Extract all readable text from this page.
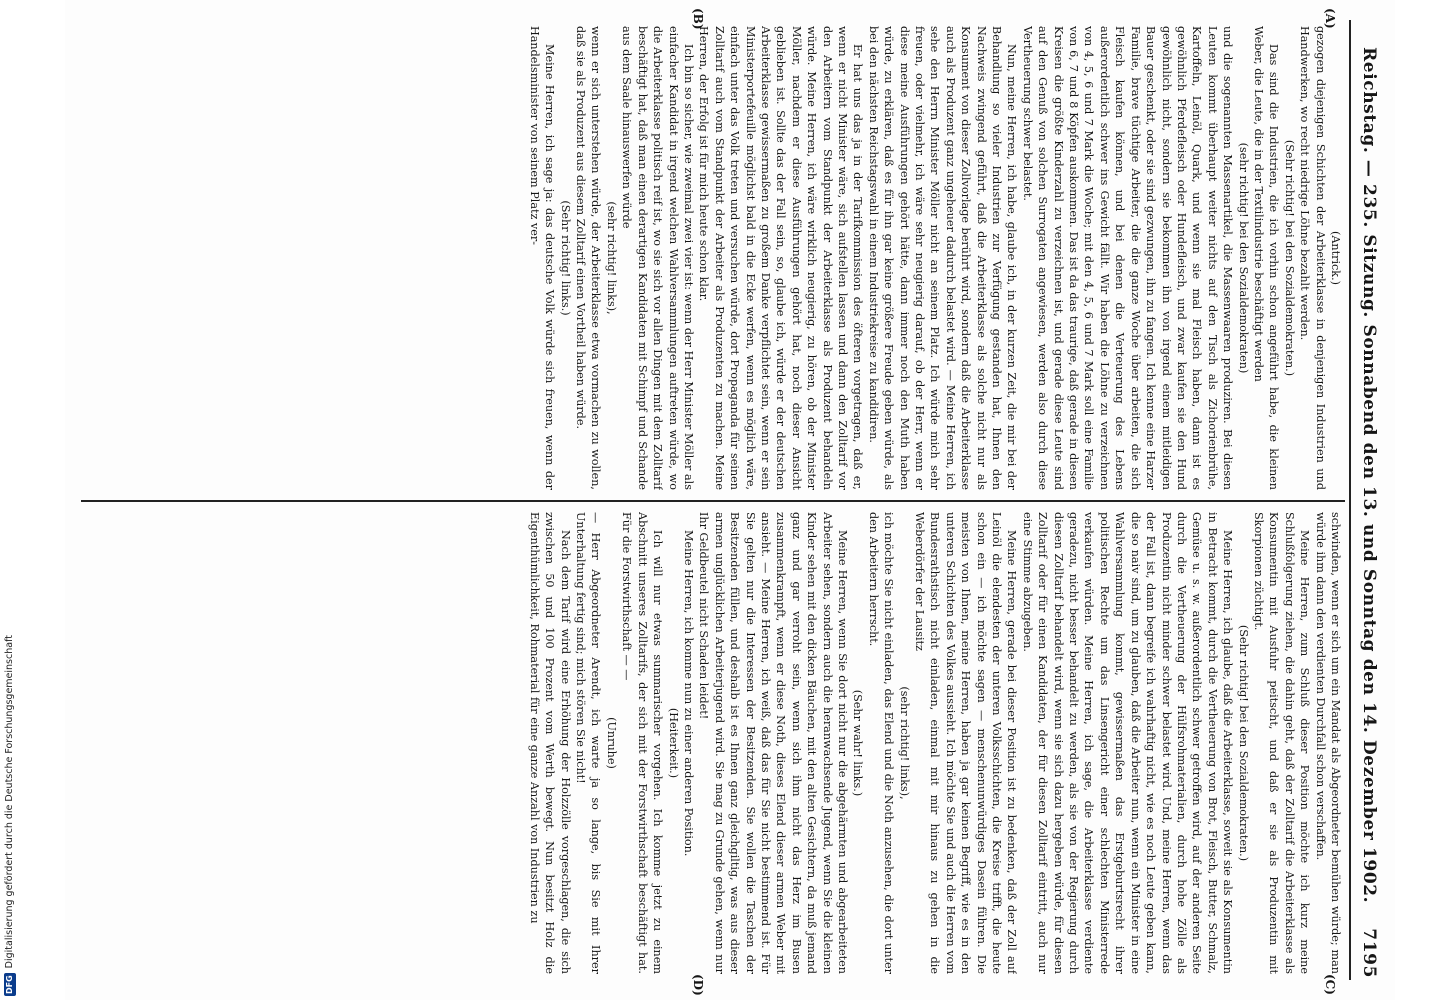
Reichstag. — 235. Sitzung. Sonnabend den 13. und Sonntag den 14. Dezember 1902.
7195
(A)
(B)
(C)
(D)

(Antrick.)

gezogen diejenigen Schichten der Arbeiterklasse in denjenigen Industrien und Handwerken, wo recht niedrige Löhne bezahlt werden.

(Sehr richtig! bei den Sozialdemokraten.)

Das sind die Industrien, die ich vorhin schon angeführt habe, die kleinen Weber, die Leute, die in der Textilindustrie beschäftigt werden

(sehr richtig! bei den Sozialdemokraten)

und die sogenannten Massenartikel, die Massenwaaren produziren. Bei diesen Leuten kommt überhaupt weiter nichts auf den Tisch als Zichorienbrühe, Kartoffeln, Leinöl, Quark, und wenn sie mal Fleisch haben, dann ist es gewöhnlich Pferdefleisch oder Hundefleisch, und zwar kaufen sie den Hund gewöhnlich nicht, sondern sie bekommen ihn von irgend einem mitleidigen Bauer geschenkt, oder sie sind gezwungen, ihn zu fangen. Ich kenne eine Harzer Familie, brave tüchtige Arbeiter, die die ganze Woche über arbeiten, die sich Fleisch kaufen können, und bei denen die Verteuerung des Lebens außerordentlich schwer ins Gewicht fällt. Wir haben die Löhne zu verzeichnen von 4, 5, 6 und 7 Mark die Woche; mit den 4, 5, 6 und 7 Mark soll eine Familie von 6, 7 und 8 Köpfen auskommen. Das ist da das traurige, daß gerade in diesen Kreisen die größte Kinderzahl zu verzeichnen ist, und gerade diese Leute sind auf den Genuß von solchen Surrogaten angewiesen, werden also durch diese Vertheuerung schwer belastet.

Nun, meine Herren, ich habe, glaube ich, in der kurzen Zeit, die mir bei der Behandlung so vieler Industrien zur Verfügung gestanden hat, Ihnen den Nachweis zwingend geführt, daß die Arbeiterklasse als solche nicht nur als Konsument von dieser Zollvorlage berührt wird, sondern daß die Arbeiterklasse auch als Produzent ganz ungeheuer dadurch belastet wird. — Meine Herren, ich sehe den Herrn Minister Möller nicht an seinem Platz. Ich würde mich sehr freuen, oder vielmehr, ich wäre sehr neugierig darauf, ob der Herr, wenn er diese meine Ausführungen gehört hätte, dann immer noch den Muth haben würde, zu erklären, daß es für ihn gar keine größere Freude geben würde, als bei den nächsten Reichstagswahl in einem Industriekreise zu kandidiren.

Er hat uns das ja in der Tarifkommission des öfteren vorgetragen, daß er, wenn er nicht Minister wäre, sich aufstellen lassen und dann den Zolltarif vor den Arbeitern vom Standpunkt der Arbeiterklasse als Produzent behandeln würde. Meine Herren, ich wäre wirklich neugierig, zu hören, ob der Minister Möller, nachdem er diese Ausführungen gehört hat, noch dieser Ansicht geblieben ist. Sollte das der Fall sein, so, glaube ich, würde er der deutschen Arbeiterklasse gewissermaßen zu großem Danke verpflichtet sein, wenn er sein Ministerportefeuille möglichst bald in die Ecke werfen, wenn es möglich wäre, einfach unter das Volk treten und versuchen würde, dort Propaganda für seinen Zolltarif auch vom Standpunkt der Arbeiter als Produzenten zu machen. Meine Herren, der Erfolg ist für mich heute schon klar.

Ich bin so sicher, wie zweimal zwei vier ist: wenn der Herr Minister Möller als einfacher Kandidat in irgend welchen Wahlversammlungen auftreten würde, wo die Arbeiterklasse politisch reif ist, wo sie sich vor allen Dingen mit dem Zolltarif beschäftigt hat, daß man einen derartigen Kandidaten mit Schimpf und Schande aus dem Saale hinauswerfen würde

(sehr richtig! links),

wenn er sich unterstehen würde, der Arbeiterklasse etwa vormachen zu wollen, daß sie als Produzent aus diesem Zolltarif einen Vortheil haben würde.

(Sehr richtig! links.)

Meine Herren, ich sage ja: das deutsche Volk würde sich freuen, wenn der Handelsminister von seinem Platz ver-

schwinden, wenn er sich um ein Mandat als Abgeordneter bemühen würde; man würde ihm dann den verdienten Durchfall schon verschaffen.

Meine Herren, zum Schluß dieser Position möchte ich kurz meine Schlußfolgerung ziehen, die dahin geht, daß der Zolltarif die Arbeiterklasse als Konsumentin mit Ausfuhr peitscht, und daß er sie als Produzentin mit Skorpionen züchtigt.

(Sehr richtig! bei den Sozialdemokraten.)

Meine Herren, ich glaube, daß die Arbeiterklasse, soweit sie als Konsumentin in Betracht kommt, durch die Vertheuerung von Brot, Fleisch, Butter, Schmalz, Gemüse u. s. w. außerordentlich schwer getroffen wird, auf der anderen Seite durch die Vertheuerung der Hülfsrohmaterialien, durch hohe Zölle als Produzentin nicht minder schwer belastet wird. Und, meine Herren, wenn das der Fall ist, dann begreife ich wahrhaftig nicht, wie es noch Leute geben kann, die so naiv sind, um zu glauben, daß die Arbeiter nun, wenn ein Minister in eine Wahlversammlung kommt, gewissermaßen das Erstgeburtsrecht ihrer politischen Rechte um das Linsengericht einer schlechten Ministerrede verkaufen würden. Meine Herren, ich sage, die Arbeiterklasse verdiente geradezu, nicht besser behandelt zu werden, als sie von der Regierung durch diesen Zolltarif behandelt wird, wenn sie sich dazu hergeben würde, für diesen Zolltarif oder für einen Kandidaten, der für diesen Zolltarif eintritt, auch nur eine Stimme abzugeben.

Meine Herren, gerade bei dieser Position ist zu bedenken, daß der Zoll auf Leinöl die elendesten der unteren Volksschichten, die Kreise trifft, die heute schon ein — ich möchte sagen — menschenunwürdiges Dasein führen. Die meisten von Ihnen, meine Herren, haben ja gar keinen Begriff, wie es in den unteren Schichten des Volkes aussieht. Ich möchte Sie und auch die Herren vom Bundesrathstisch nicht einladen, einmal mit mir hinaus zu gehen in die Weberdörfer der Lausitz

(sehr richtig! links),

ich möchte Sie nicht einladen, das Elend und die Noth anzusehen, die dort unter den Arbeitern herrscht.

(Sehr wahr! links.)

Meine Herren, wenn Sie dort nicht nur die abgehärmten und abgearbeiteten Arbeiter sehen, sondern auch die heranwachsende Jugend, wenn Sie die kleinen Kinder sehen mit den dicken Bäuchen, mit den alten Gesichtern, da muß jemand ganz und gar verroht sein, wenn sich ihm nicht das Herz im Busen zusammenkrampft, wenn er diese Noth, dieses Elend dieser armen Weber mit ansieht. — Meine Herren, ich weiß, daß das für Sie nicht bestimmend ist. Für Sie gelten nur die Interessen der Besitzenden. Sie wollen die Taschen der Besitzenden füllen, und deshalb ist es Ihnen ganz gleichgiltig, was aus dieser armen unglücklichen Arbeiterjugend wird. Sie mag zu Grunde gehen, wenn nur Ihr Geldbeutel nicht Schaden leidet!

Meine Herren, ich komme nun zu einer anderen Position.

(Heiterkeit.)

Ich will nur etwas summarischer vorgehen. Ich komme jetzt zu einem Abschnitt unseres Zolltarifs, der sich mit der Forstwirthschaft beschäftigt hat. Für die Forstwirthschaft — —

(Unruhe)

— Herr Abgeordneter Arendt, ich warte ja so lange, bis Sie mit Ihrer Unterhaltung fertig sind; mich stören Sie nicht!

Nach dem Tarif wird eine Erhöhung der Holzzölle vorgeschlagen, die sich zwischen 50 und 100 Prozent vom Werth bewegt. Nun besitzt Holz die Eigenthümlichkeit, Rohmaterial für eine ganze Anzahl von Industrien zu

DFG
Digitalisierung gefördert durch die Deutsche Forschungsgemeinschaft
